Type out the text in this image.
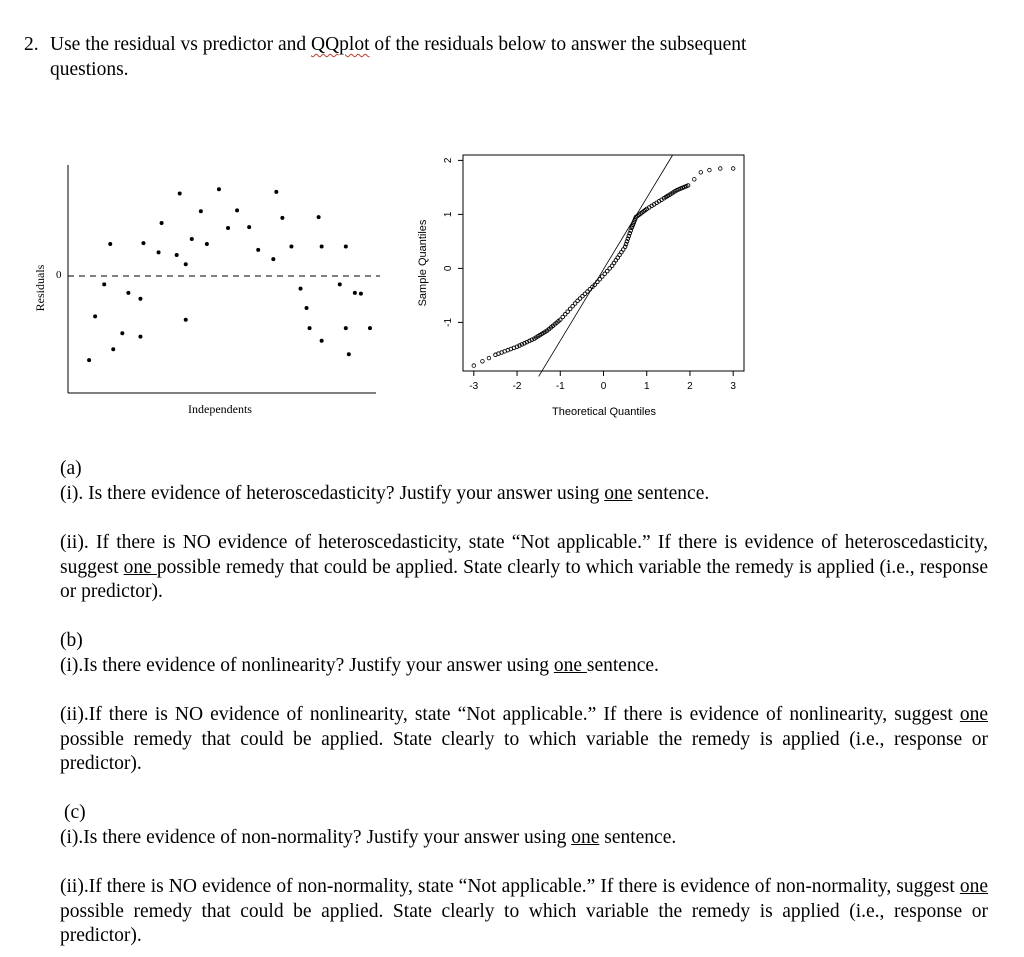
2. Use the residual vs predictor and QQplot of the residuals below to answer the subsequent
questions.
0
Residuals
Independents
-3	-2	-1	0	1	2	3
-1
0
1
2
Sample Quantiles
Theoretical Quantiles

(a)

(i). Is there evidence of heteroscedasticity? Justify your answer using one sentence.

(ii). If there is NO evidence of heteroscedasticity, state “Not applicable.” If there is evidence of heteroscedasticity, suggest one possible remedy that could be applied. State clearly to which variable the remedy is applied (i.e., response or predictor).

(b)

(i).Is there evidence of nonlinearity? Justify your answer using one sentence.

(ii).If there is NO evidence of nonlinearity, state “Not applicable.” If there is evidence of nonlinearity, suggest one possible remedy that could be applied. State clearly to which variable the remedy is applied (i.e., response or predictor).

(c)

(i).Is there evidence of non-normality? Justify your answer using one sentence.

(ii).If there is NO evidence of non-normality, state “Not applicable.” If there is evidence of non-normality, suggest one possible remedy that could be applied. State clearly to which variable the remedy is applied (i.e., response or predictor).
